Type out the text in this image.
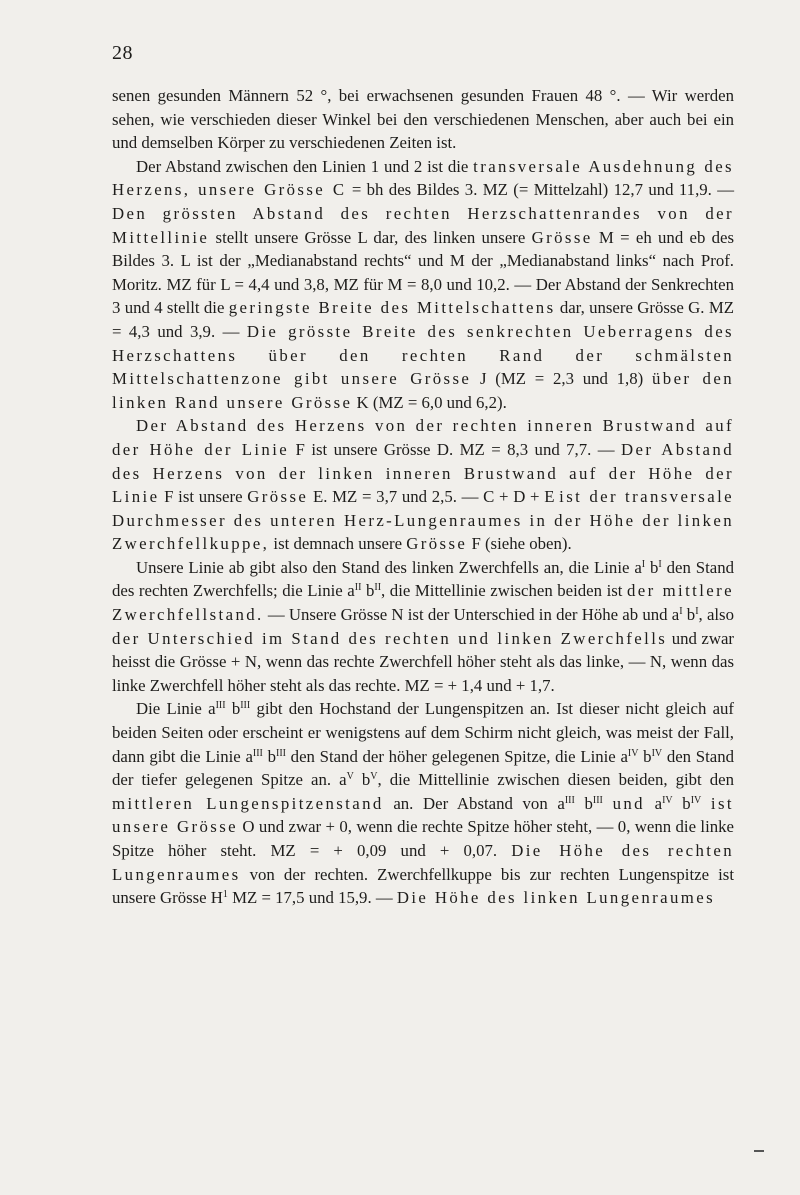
28

senen gesunden Männern 52 °, bei erwachsenen gesunden Frauen 48 °. — Wir werden sehen, wie verschieden dieser Winkel bei den verschiedenen Menschen, aber auch bei ein und demselben Körper zu verschiedenen Zeiten ist.

Der Abstand zwischen den Linien 1 und 2 ist die transversale Ausdehnung des Herzens, unsere Grösse C = bh des Bildes 3. MZ (= Mittelzahl) 12,7 und 11,9. — Den grössten Abstand des rechten Herzschattenrandes von der Mittellinie stellt unsere Grösse L dar, des linken unsere Grösse M = eh und eb des Bildes 3. L ist der „Medianabstand rechts“ und M der „Medianabstand links“ nach Prof. Moritz. MZ für L = 4,4 und 3,8, MZ für M = 8,0 und 10,2. — Der Abstand der Senkrechten 3 und 4 stellt die geringste Breite des Mittelschattens dar, unsere Grösse G. MZ = 4,3 und 3,9. — Die grösste Breite des senkrechten Ueberragens des Herzschattens über den rechten Rand der schmälsten Mittelschattenzone gibt unsere Grösse J (MZ = 2,3 und 1,8) über den linken Rand unsere Grösse K (MZ = 6,0 und 6,2).

Der Abstand des Herzens von der rechten inneren Brustwand auf der Höhe der Linie F ist unsere Grösse D. MZ = 8,3 und 7,7. — Der Abstand des Herzens von der linken inneren Brustwand auf der Höhe der Linie F ist unsere Grösse E. MZ = 3,7 und 2,5. — C + D + E ist der transversale Durchmesser des unteren Herz-Lungenraumes in der Höhe der linken Zwerchfellkuppe, ist demnach unsere Grösse F (siehe oben).

Unsere Linie ab gibt also den Stand des linken Zwerchfells an, die Linie $a^I$ $b^I$ den Stand des rechten Zwerchfells; die Linie $a^{II}$ $b^{II}$, die Mittellinie zwischen beiden ist der mittlere Zwerchfellstand. — Unsere Grösse N ist der Unterschied in der Höhe ab und $a^I$ $b^I$, also der Unterschied im Stand des rechten und linken Zwerchfells und zwar heisst die Grösse + N, wenn das rechte Zwerchfell höher steht als das linke, — N, wenn das linke Zwerchfell höher steht als das rechte. MZ = + 1,4 und + 1,7.

Die Linie $a^{III}$ $b^{III}$ gibt den Hochstand der Lungenspitzen an. Ist dieser nicht gleich auf beiden Seiten oder erscheint er wenigstens auf dem Schirm nicht gleich, was meist der Fall, dann gibt die Linie $a^{III}$ $b^{III}$ den Stand der höher gelegenen Spitze, die Linie $a^{IV}$ $b^{IV}$ den Stand der tiefer gelegenen Spitze an. $a^V$ $b^V$, die Mittellinie zwischen diesen beiden, gibt den mittleren Lungenspitzenstand an. Der Abstand von $a^{III}$ $b^{III}$ und $a^{IV}$ $b^{IV}$ ist unsere Grösse O und zwar + 0, wenn die rechte Spitze höher steht, — 0, wenn die linke Spitze höher steht. MZ = + 0,09 und + 0,07. Die Höhe des rechten Lungenraumes von der rechten. Zwerchfellkuppe bis zur rechten Lungenspitze ist unsere Grösse $H^1$ MZ = 17,5 und 15,9. — Die Höhe des linken Lungenraumes
